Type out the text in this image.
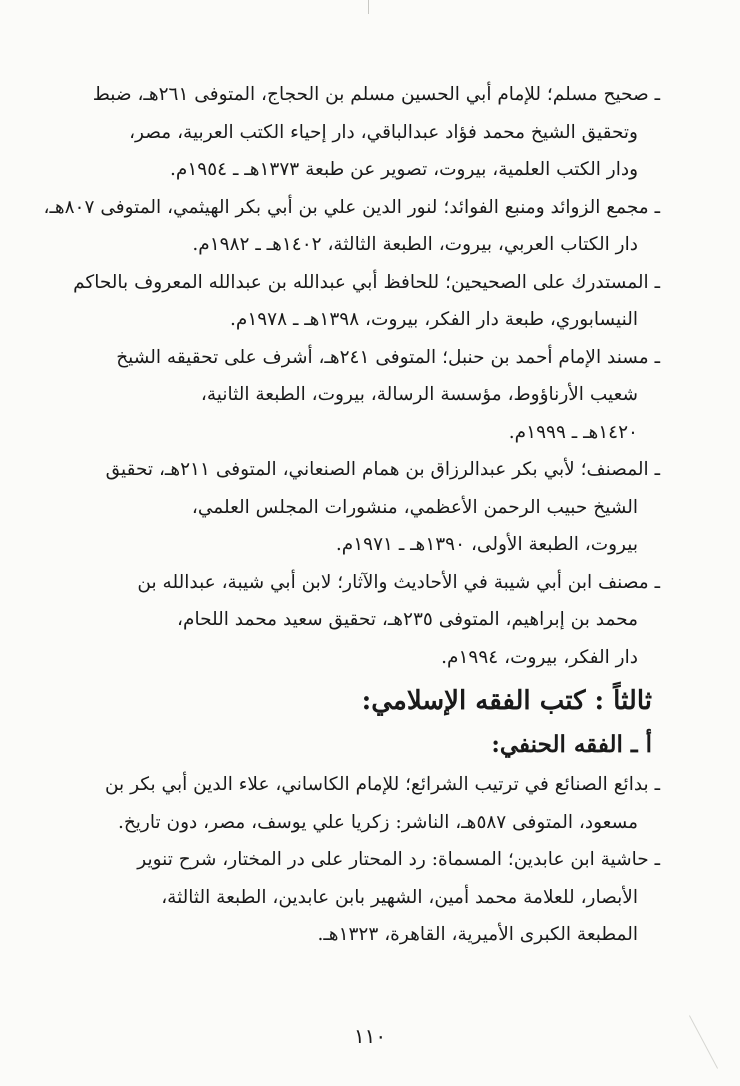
ـ صحيح مسلم؛ للإمام أبي الحسين مسلم بن الحجاج، المتوفى ٢٦١هـ، ضبط
وتحقيق الشيخ محمد فؤاد عبدالباقي، دار إحياء الكتب العربية، مصر،
ودار الكتب العلمية، بيروت، تصوير عن طبعة ١٣٧٣هـ ـ ١٩٥٤م.
ـ مجمع الزوائد ومنبع الفوائد؛ لنور الدين علي بن أبي بكر الهيثمي، المتوفى ٨٠٧هـ،
دار الكتاب العربي، بيروت، الطبعة الثالثة، ١٤٠٢هـ ـ ١٩٨٢م.
ـ المستدرك على الصحيحين؛ للحافظ أبي عبدالله بن عبدالله المعروف بالحاكم
النيسابوري، طبعة دار الفكر، بيروت، ١٣٩٨هـ ـ ١٩٧٨م.
ـ مسند الإمام أحمد بن حنبل؛ المتوفى ٢٤١هـ، أشرف على تحقيقه الشيخ
شعيب الأرناؤوط، مؤسسة الرسالة، بيروت، الطبعة الثانية،
١٤٢٠هـ ـ ١٩٩٩م.
ـ المصنف؛ لأبي بكر عبدالرزاق بن همام الصنعاني، المتوفى ٢١١هـ، تحقيق
الشيخ حبيب الرحمن الأعظمي، منشورات المجلس العلمي،
بيروت، الطبعة الأولى، ١٣٩٠هـ ـ ١٩٧١م.
ـ مصنف ابن أبي شيبة في الأحاديث والآثار؛ لابن أبي شيبة، عبدالله بن
محمد بن إبراهيم، المتوفى ٢٣٥هـ، تحقيق سعيد محمد اللحام،
دار الفكر، بيروت، ١٩٩٤م.
ثالثاً : كتب الفقه الإسلامي:
أ ـ الفقه الحنفي:
ـ بدائع الصنائع في ترتيب الشرائع؛ للإمام الكاساني، علاء الدين أبي بكر بن
مسعود، المتوفى ٥٨٧هـ، الناشر: زكريا علي يوسف، مصر، دون تاريخ.
ـ حاشية ابن عابدين؛ المسماة: رد المحتار على در المختار، شرح تنوير
الأبصار، للعلامة محمد أمين، الشهير بابن عابدين، الطبعة الثالثة،
المطبعة الكبرى الأميرية، القاهرة، ١٣٢٣هـ.
١١٠
